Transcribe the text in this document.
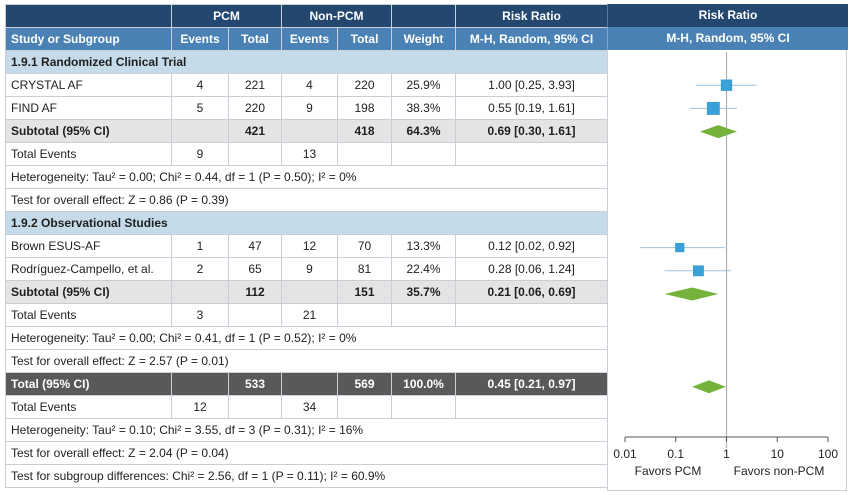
	PCM		Non-PCM			Risk Ratio
Study or Subgroup	Events	Total	Events	Total	Weight	M-H, Random, 95% CI
1.9.1 Randomized Clinical Trial						
CRYSTAL AF	4	221	4	220	25.9%	1.00 [0.25, 3.93]
FIND AF	5	220	9	198	38.3%	0.55 [0.19, 1.61]
Subtotal (95% CI)		421		418	64.3%	0.69 [0.30, 1.61]
Total Events	9		13			
Heterogeneity: Tau² = 0.00; Chi² = 0.44, df = 1 (P = 0.50); I² = 0%						
Test for overall effect: Z = 0.86 (P = 0.39)						
1.9.2 Observational Studies						
Brown ESUS-AF	1	47	12	70	13.3%	0.12 [0.02, 0.92]
Rodríguez-Campello, et al.	2	65	9	81	22.4%	0.28 [0.06, 1.24]
Subtotal (95% CI)		112		151	35.7%	0.21 [0.06, 0.69]
Total Events	3		21			
Heterogeneity: Tau² = 0.00; Chi² = 0.41, df = 1 (P = 0.52); I² = 0%						
Test for overall effect: Z = 2.57 (P = 0.01)						
Total (95% CI)		533		569	100.0%	0.45 [0.21, 0.97]
Total Events	12		34			
Heterogeneity: Tau² = 0.10; Chi² = 3.55, df = 3 (P = 0.31); I² = 16%						
Test for overall effect: Z = 2.04 (P = 0.04)						
Test for subgroup differences: Chi² = 2.56, df = 1 (P = 0.11); I² = 60.9%						
Risk Ratio
M-H, Random, 95% CI
0.01	0.1	1	10	100
Favors PCM	Favors non-PCM
